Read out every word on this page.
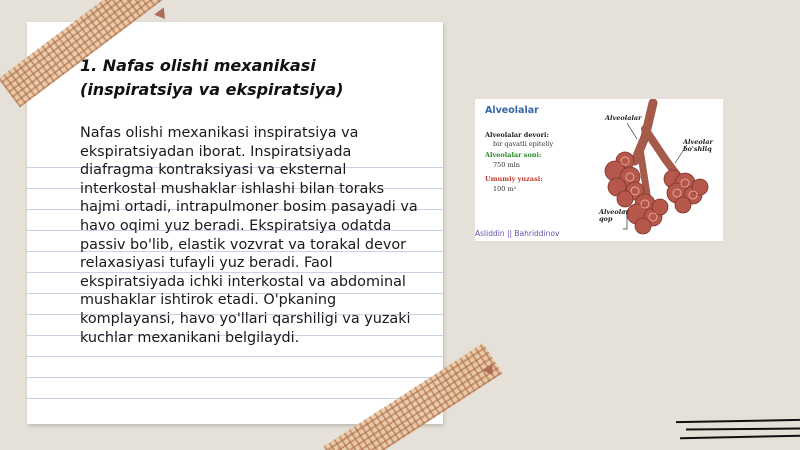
1. Nafas olishi mexanikasi
(inspiratsiya va ekspiratsiya)
Nafas olishi mexanikasi inspiratsiya va ekspiratsiyadan iborat. Inspiratsiyada diafragma kontraksiyasi va eksternal interkostal mushaklar ishlashi bilan toraks hajmi ortadi, intrapulmoner bosim pasayadi va havo oqimi yuz beradi. Ekspiratsiya odatda passiv bo'lib, elastik vozvrat va torakal devor relaxasiyasi tufayli yuz beradi. Faol ekspiratsiyada ichki interkostal va abdominal mushaklar ishtirok etadi. O'pkaning komplayansi, havo yo'llari qarshiligi va yuzaki kuchlar mexanikani belgilaydi.
Alveolalar
Alveolalar devori:
bir qavatli epiteliy
Alveolalar soni:
750 mln
Umumiy yuzasi:
100 m²
Alveolalar
Alveolar
bo'shliq
Alveolar
qop
Asliddin || Bahriddinov
